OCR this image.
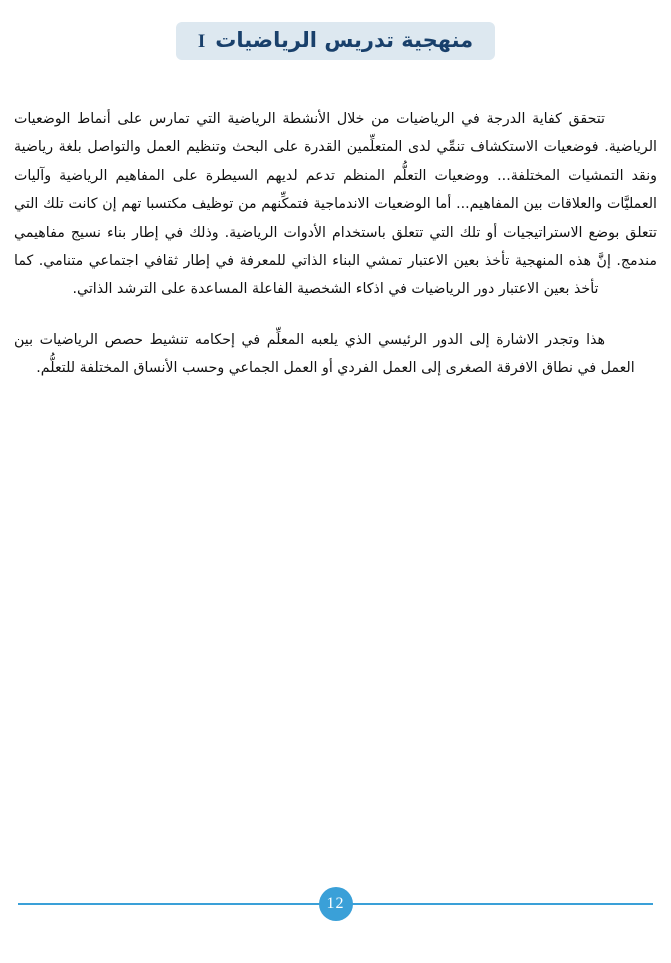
منهجية تدريس الرياضيات
I

تتحقق كفاية الدرجة في الرياضيات من خلال الأنشطة الرياضية التي تمارس على أنماط الوضعيات الرياضية. فوضعيات الاستكشاف تنمِّي لدى المتعلِّمين القدرة على البحث وتنظيم العمل والتواصل بلغة رياضية ونقد التمشيات المختلفة... ووضعيات التعلُّم المنظم تدعم لديهم السيطرة على المفاهيم الرياضية وآليات العمليَّات والعلاقات بين المفاهيم... أما الوضعيات الاندماجية فتمكِّنهم من توظيف مكتسبا تهم إن كانت تلك التي تتعلق بوضع الاستراتيجيات أو تلك التي تتعلق باستخدام الأدوات الرياضية. وذلك في إطار بناء نسيج مفاهيمي مندمج. إنَّ هذه المنهجية تأخذ بعين الاعتبار تمشي البناء الذاتي للمعرفة في إطار ثقافي اجتماعي متنامي. كما تأخذ بعين الاعتبار دور الرياضيات في اذكاء الشخصية الفاعلة المساعدة على الترشد الذاتي.

هذا وتجدر الاشارة إلى الدور الرئيسي الذي يلعبه المعلِّم في إحكامه تنشيط حصص الرياضيات بين العمل في نطاق الافرقة الصغرى إلى العمل الفردي أو العمل الجماعي وحسب الأنساق المختلفة للتعلُّم.

12
